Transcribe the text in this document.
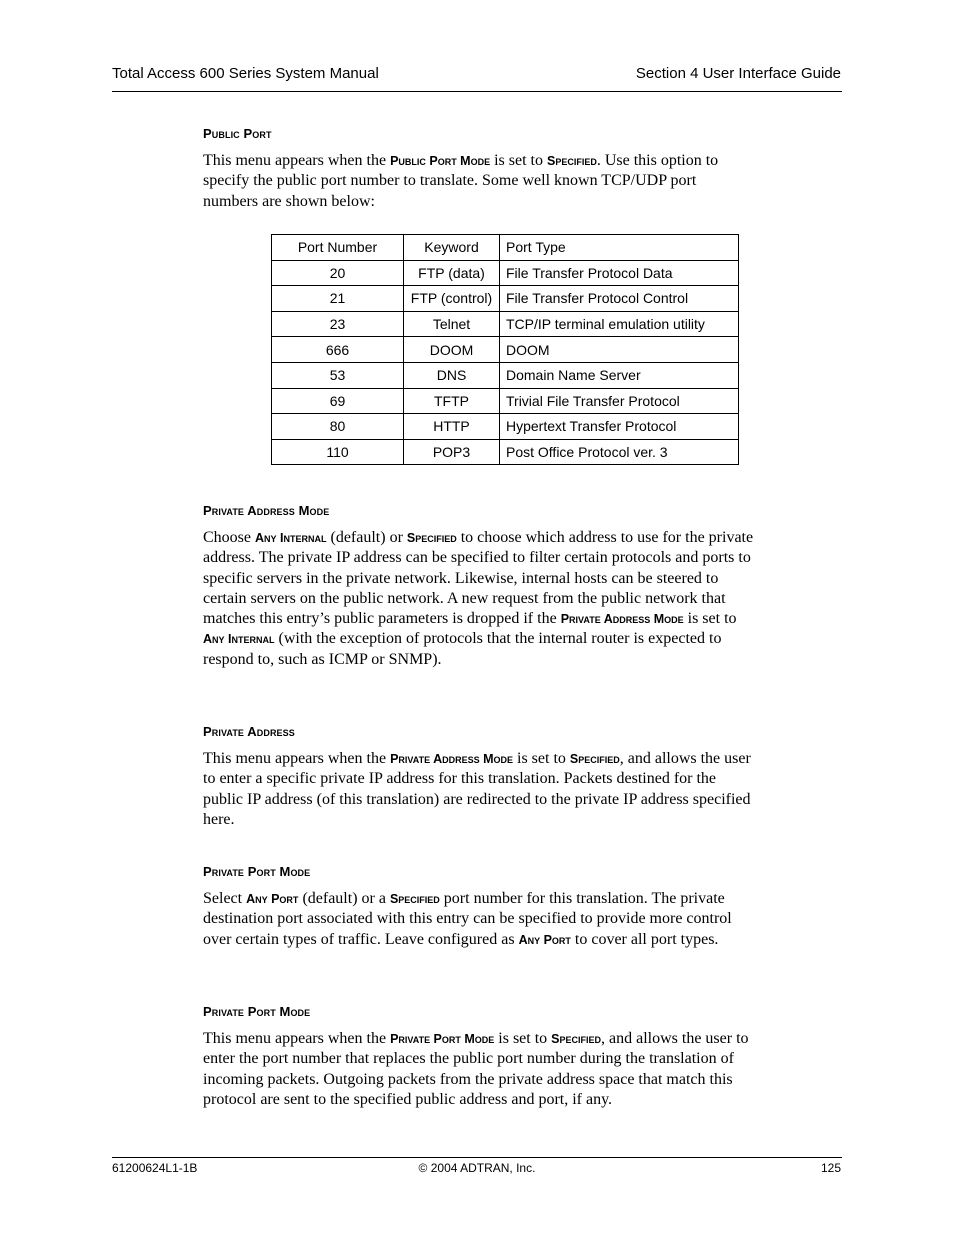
Total Access 600 Series System Manual	Section 4 User Interface Guide
Public Port
This menu appears when the Public Port Mode is set to Specified. Use this option to specify the public port number to translate. Some well known TCP/UDP port numbers are shown below:
Port Number	Keyword	Port Type
20	FTP (data)	File Transfer Protocol Data
21	FTP (control)	File Transfer Protocol Control
23	Telnet	TCP/IP terminal emulation utility
666	DOOM	DOOM
53	DNS	Domain Name Server
69	TFTP	Trivial File Transfer Protocol
80	HTTP	Hypertext Transfer Protocol
110	POP3	Post Office Protocol ver. 3
Private Address Mode
Choose Any Internal (default) or Specified to choose which address to use for the private address. The private IP address can be specified to filter certain protocols and ports to specific servers in the private network. Likewise, internal hosts can be steered to certain servers on the public network. A new request from the public network that matches this entry’s public parameters is dropped if the Private Address Mode is set to Any Internal (with the exception of protocols that the internal router is expected to respond to, such as ICMP or SNMP).
Private Address
This menu appears when the Private Address Mode is set to Specified, and allows the user to enter a specific private IP address for this translation. Packets destined for the public IP address (of this translation) are redirected to the private IP address specified here.
Private Port Mode
Select Any Port (default) or a Specified port number for this translation. The private destination port associated with this entry can be specified to provide more control over certain types of traffic. Leave configured as Any Port to cover all port types.
Private Port Mode
This menu appears when the Private Port Mode is set to Specified, and allows the user to enter the port number that replaces the public port number during the translation of incoming packets. Outgoing packets from the private address space that match this protocol are sent to the specified public address and port, if any.
61200624L1-1B	© 2004 ADTRAN, Inc.	125
